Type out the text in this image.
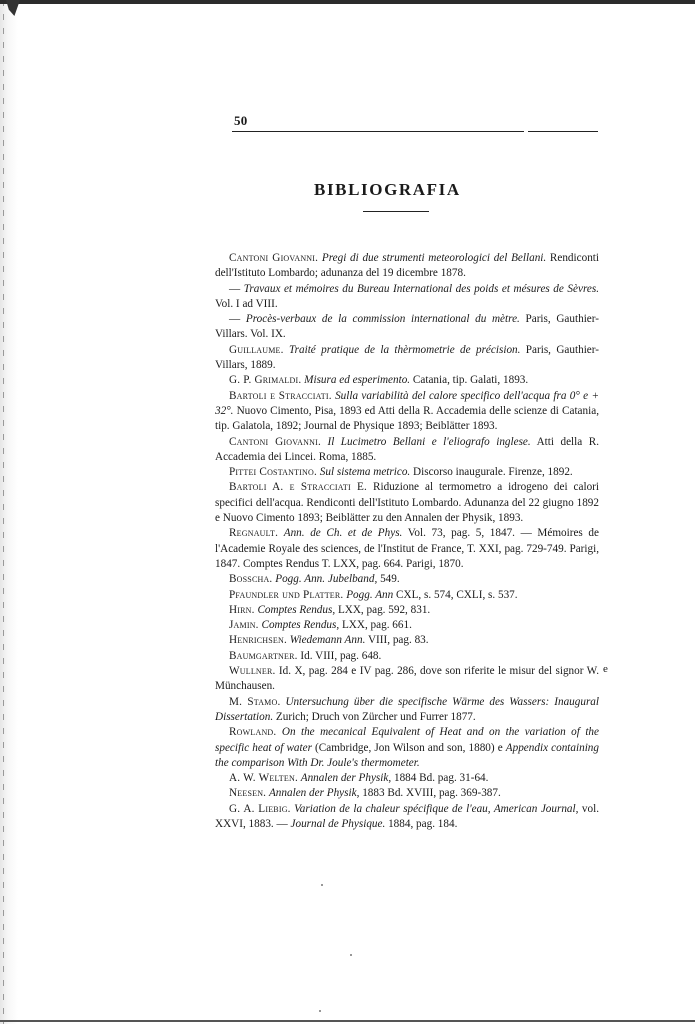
50
BIBLIOGRAFIA

Cantoni Giovanni. Pregi di due strumenti meteorologici del Bellani. Rendiconti dell'Istituto Lombardo; adunanza del 19 dicembre 1878.

— Travaux et mémoires du Bureau International des poids et mésures de Sèvres. Vol. I ad VIII.

— Procès-verbaux de la commission international du mètre. Paris, Gauthier-Villars. Vol. IX.

Guillaume. Traité pratique de la thèrmometrie de précision. Paris, Gauthier-Villars, 1889.

G. P. Grimaldi. Misura ed esperimento. Catania, tip. Galati, 1893.

Bartoli e Stracciati. Sulla variabilità del calore specifico dell'acqua fra 0° e + 32°. Nuovo Cimento, Pisa, 1893 ed Atti della R. Accademia delle scienze di Catania, tip. Galatola, 1892; Journal de Physique 1893; Beiblätter 1893.

Cantoni Giovanni. Il Lucimetro Bellani e l'eliografo inglese. Atti della R. Accademia dei Lincei. Roma, 1885.

Pittei Costantino. Sul sistema metrico. Discorso inaugurale. Firenze, 1892.

Bartoli A. e Stracciati E. Riduzione al termometro a idrogeno dei calori specifici dell'acqua. Rendiconti dell'Istituto Lombardo. Adunanza del 22 giugno 1892 e Nuovo Cimento 1893; Beiblätter zu den Annalen der Physik, 1893.

Regnault. Ann. de Ch. et de Phys. Vol. 73, pag. 5, 1847. — Mémoires de l'Academie Royale des sciences, de l'Institut de France, T. XXI, pag. 729-749. Parigi, 1847. Comptes Rendus T. LXX, pag. 664. Parigi, 1870.

Bosscha. Pogg. Ann. Jubelband, 549.

Pfaundler und Platter. Pogg. Ann CXL, s. 574, CXLI, s. 537.

Hirn. Comptes Rendus, LXX, pag. 592, 831.

Jamin. Comptes Rendus, LXX, pag. 661.

Henrichsen. Wiedemann Ann. VIII, pag. 83.

Baumgartner. Id. VIII, pag. 648.

Wullner. Id. X, pag. 284 e IV pag. 286, dove son riferite le misur del signor W. Münchausen.

M. Stamo. Untersuchung über die specifische Wärme des Wassers: Inaugural Dissertation. Zurich; Druch von Zürcher und Furrer 1877.

Rowland. On the mecanical Equivalent of Heat and on the variation of the specific heat of water (Cambridge, Jon Wilson and son, 1880) e Appendix containing the comparison With Dr. Joule's thermometer.

A. W. Welten. Annalen der Physik, 1884 Bd. pag. 31-64.

Neesen. Annalen der Physik, 1883 Bd. XVIII, pag. 369-387.

G. A. Liebig. Variation de la chaleur spécifique de l'eau, American Journal, vol. XXVI, 1883. — Journal de Physique. 1884, pag. 184.

e
